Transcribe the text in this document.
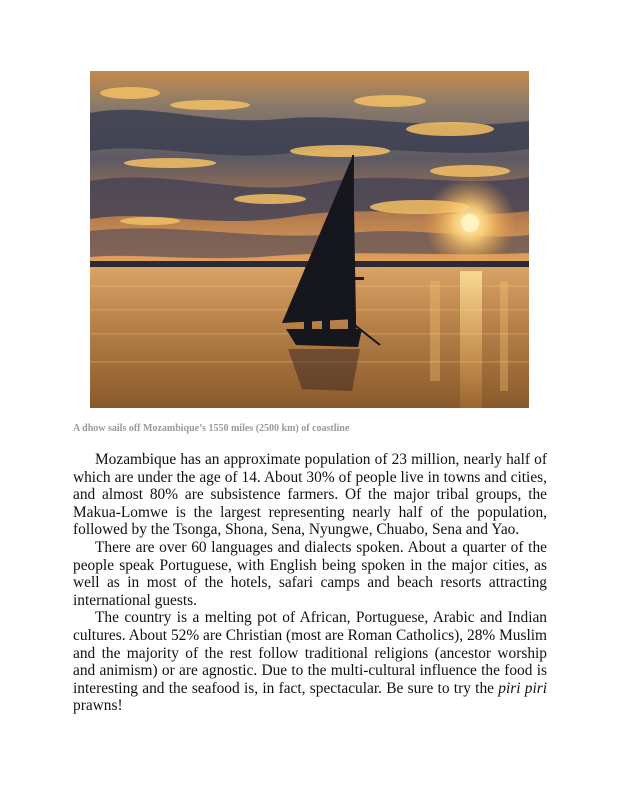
A dhow sails off Mozambique’s 1550 miles (2500 km) of coastline

Mozambique has an approximate population of 23 million, nearly half of which are under the age of 14. About 30% of people live in towns and cities, and almost 80% are subsistence farmers. Of the major tribal groups, the Makua-Lomwe is the largest representing nearly half of the population, followed by the Tsonga, Shona, Sena, Nyungwe, Chuabo, Sena and Yao.

There are over 60 languages and dialects spoken. About a quarter of the people speak Portuguese, with English being spoken in the major cities, as well as in most of the hotels, safari camps and beach resorts attracting international guests.

The country is a melting pot of African, Portuguese, Arabic and Indian cultures. About 52% are Christian (most are Roman Catholics), 28% Muslim and the majority of the rest follow traditional religions (ancestor worship and animism) or are agnostic. Due to the multi-cultural influence the food is interesting and the seafood is, in fact, spectacular. Be sure to try the piri piri prawns!
